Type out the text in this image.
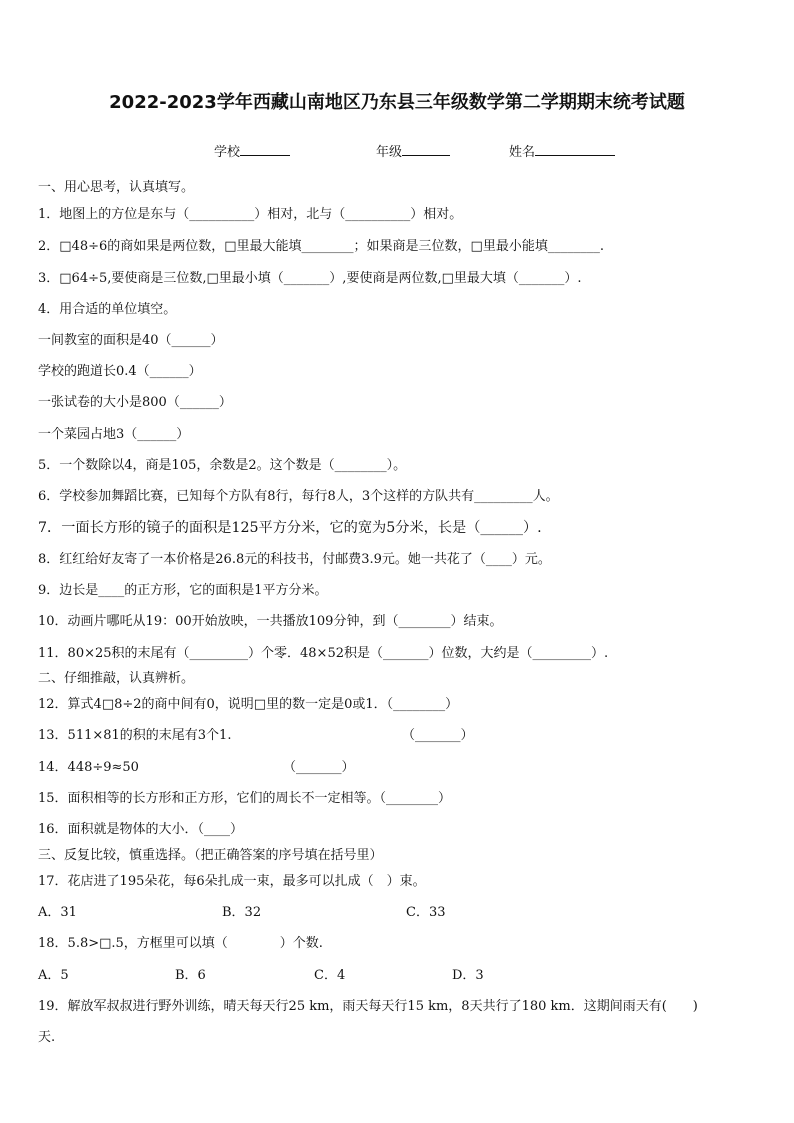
2022-2023学年西藏山南地区乃东县三年级数学第二学期期末统考试题
学校	年级	姓名
一、用心思考，认真填写。
1．地图上的方位是东与（__________）相对，北与（__________）相对。
2．□48÷6的商如果是两位数，□里最大能填________；如果商是三位数，□里最小能填________.
3．□64÷5,要使商是三位数,□里最小填（_______）,要使商是两位数,□里最大填（_______）.
4．用合适的单位填空。
一间教室的面积是40（______）
学校的跑道长0.4（______）
一张试卷的大小是800（______）
一个菜园占地3（______）
5．一个数除以4，商是105，余数是2。这个数是（________）。
6．学校参加舞蹈比赛，已知每个方队有8行，每行8人，3个这样的方队共有_________人。
7．一面长方形的镜子的面积是125平方分米，它的宽为5分米，长是（______）.
8．红红给好友寄了一本价格是26.8元的科技书，付邮费3.9元。她一共花了（____）元。
9．边长是____的正方形，它的面积是1平方分米。
10．动画片哪吒从19：00开始放映，一共播放109分钟，到（________）结束。
11．80×25积的末尾有（_________）个零．48×52积是（_______）位数，大约是（_________）.
二、仔细推敲，认真辨析。
12．算式4□8÷2的商中间有0，说明□里的数一定是0或1．（________）
13．511×81的积的末尾有3个1.	（_______）
14．448÷9≈50	（_______）
15．面积相等的长方形和正方形，它们的周长不一定相等。（________）
16．面积就是物体的大小．（____）
三、反复比较，慎重选择。（把正确答案的序号填在括号里）
17．花店进了195朵花，每6朵扎成一束，最多可以扎成（　）束。
A．31	B．32	C．33
18．5.8>□.5，方框里可以填（　　　　）个数.
A．5	B．6	C．4	D．3
19．解放军叔叔进行野外训练，晴天每天行25 km，雨天每天行15 km，8天共行了180 km．这期间雨天有(　　)
天.
